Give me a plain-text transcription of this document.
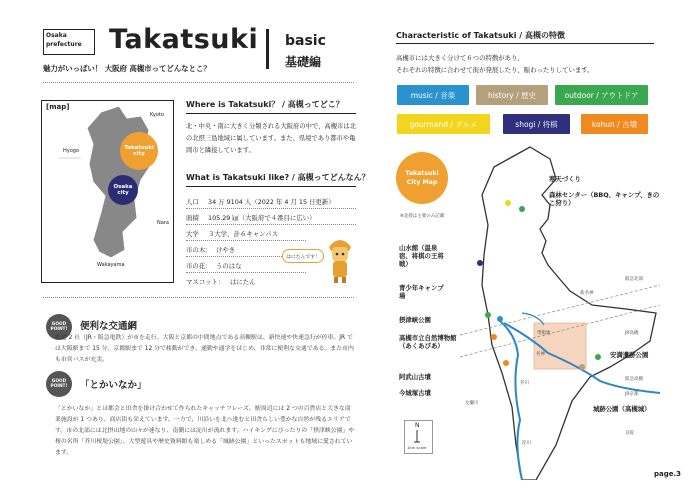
Osaka prefecture	Takatsuki basic
基礎編
魅力がいっぱい！ 大阪府 高槻市ってどんなとこ？
[map]
Kyoto
Hyogo
Nara
Wakayama
Takatsuki city
Osaka city
Where is Takatsuki？ / 高槻ってどこ？
北・中央・南に大きく分類される大阪府の中で、高槻市は北の北摂三島地域に属しています。また、県境であり都市や亀岡市と隣接しています。
What is Takatsuki like? / 高槻ってどんなん？
人口	34 万 9104 人（2022 年 4 月 15 日更新）
面積	105.29 ㎢（大阪府で４番目に広い）
大学	３大学、計６キャンパス
市の木： けやき
市の花： うのはな
マスコット： はにたん
はにたんです！
GOOD POINT! 便利な交通網
鉄道 2 社（JR・阪急電鉄）が市を走行。大阪と京都の中間地点である高槻駅は、新快速や快速急行が停車。JR では大阪駅まで 15 分、京都駅まで 12 分で移動ができ、通勤や通学をはじめ、非常に便利な交通である。また市内も市営バスが充実。
GOOD POINT! 「とかいなか」
「とかいなか」とは都会と田舎を掛け合わせて作られたキャッチフレーズ。駅周辺には 2 つの百貨店と大きな商業施設が 1 つあり、商店街も栄えています。一方で、川沿いを北へ進むと田舎らしい豊かな自然が残るエリアです。市の北部には北摂山地の山々が連なり、南側には淀川が流れます。ハイキングにぴったりの「摂津峡公園」や桜の名所「芥川桜堤公園」、大型遊具や歴史資料館も楽しめる「城跡公園」といったスポットも地域に愛されています。
Characteristic of Takatsuki / 高槻の特徴
高槻市には大きく分けて６つの特徴があり、
それぞれの特徴に合わせて街が発展したり、賑わったりしています。
music / 音楽	history / 歴史	outdoor / アウトドア
gourmand / グルメ	shogi / 将棋	kohun / 古墳
Takatsuki City Map
※北摂は主要のみ記載
寒天づくり
森林センター（BBQ、キャンプ、きのこ狩り）
山水館（温泉宿、将棋の王将戦）
青少年キャンプ場
摂津峡公園
高槻市立自然博物館（あくあぴあ）
阿武山古墳
今城塚古墳
安満遺跡公園
城跡公園（高槻城）
阪急北部
JR高槻
阪急高槻
JR京都
京阪
新名神
帯街地
名神
芥川
淀川
女瀬川
N
1km scale
page.3
